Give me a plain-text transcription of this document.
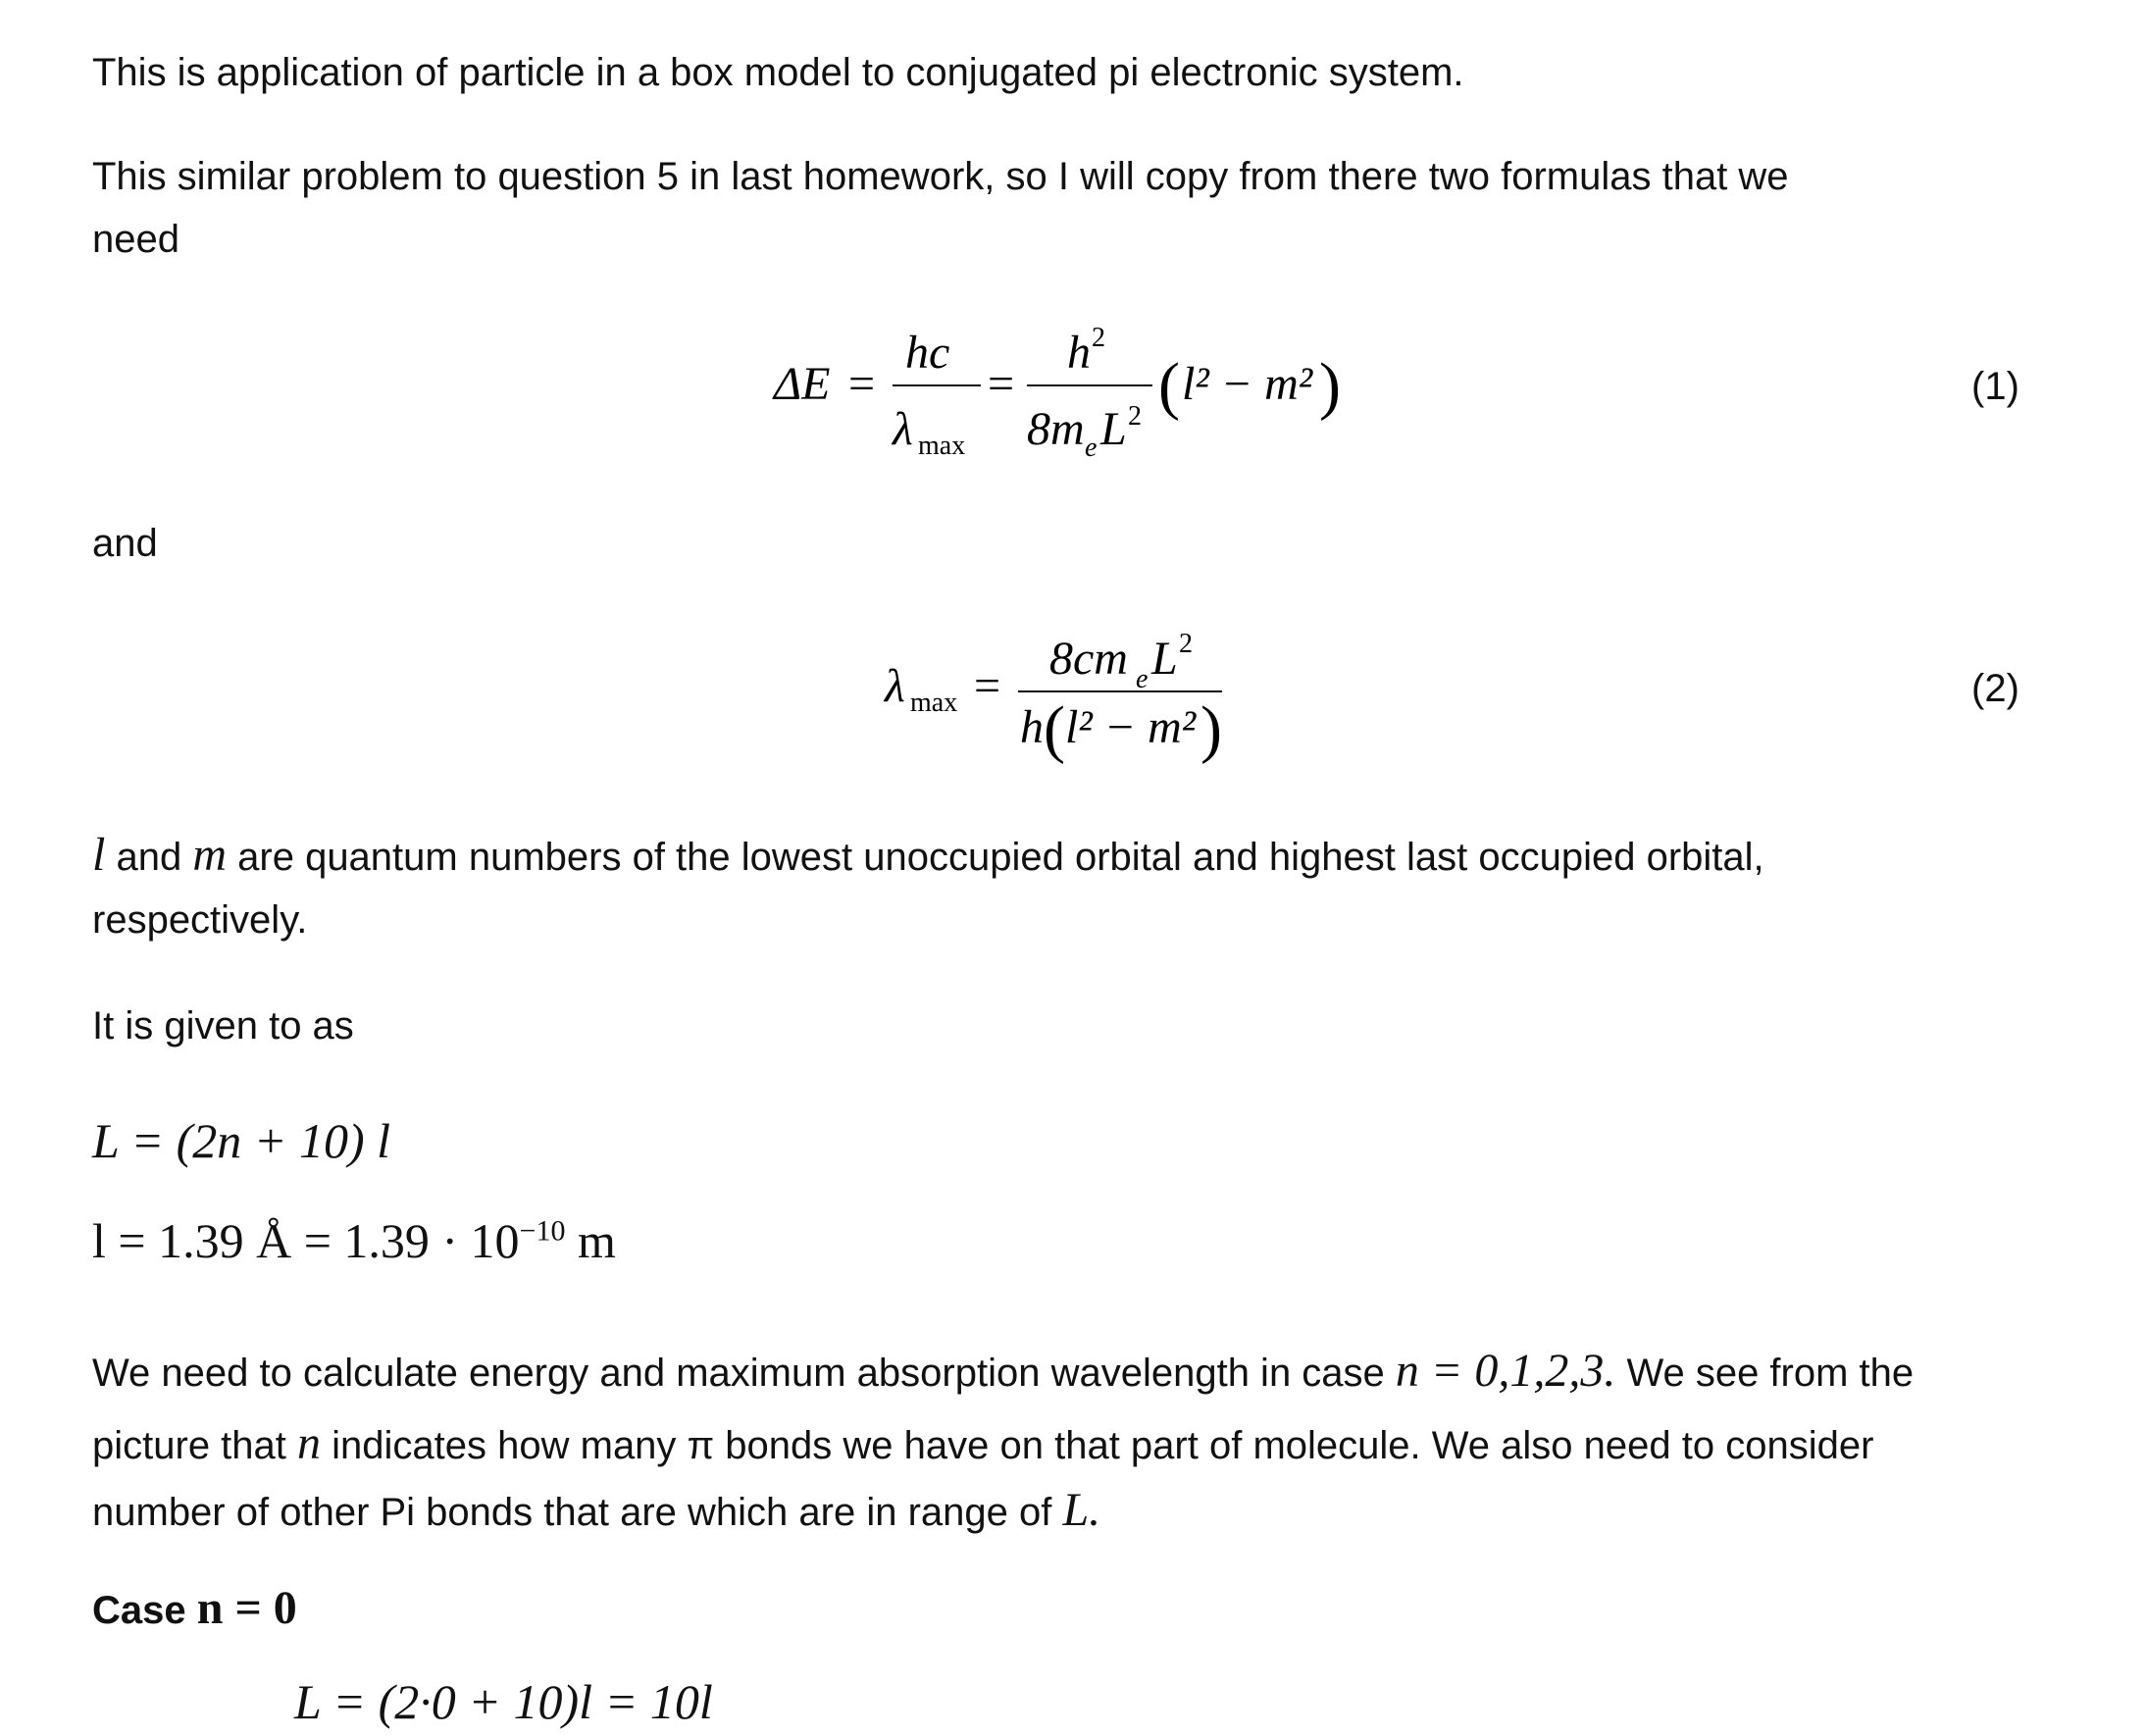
This is application of particle in a box model to conjugated pi electronic system.

This similar problem to question 5 in last homework, so I will copy from there two formulas that we

need

ΔE =
hc
λ max
=
h 2
8m e L 2 ( l² − m² )	(1)

and

λ max =
8cm e L 2
h ( l² − m² )
(2)

l and m are quantum numbers of the lowest unoccupied orbital and highest last occupied orbital,

respectively.

It is given to as

L = (2n + 10) l

l = 1.39 Å = $1.39 \cdot 10^{-10}$ m

We need to calculate energy and maximum absorption wavelength in case n = 0,1,2,3. We see from the

picture that n indicates how many π bonds we have on that part of molecule. We also need to consider

number of other Pi bonds that are which are in range of L.

Case n = 0

L = (2·0 + 10)l = 10l
